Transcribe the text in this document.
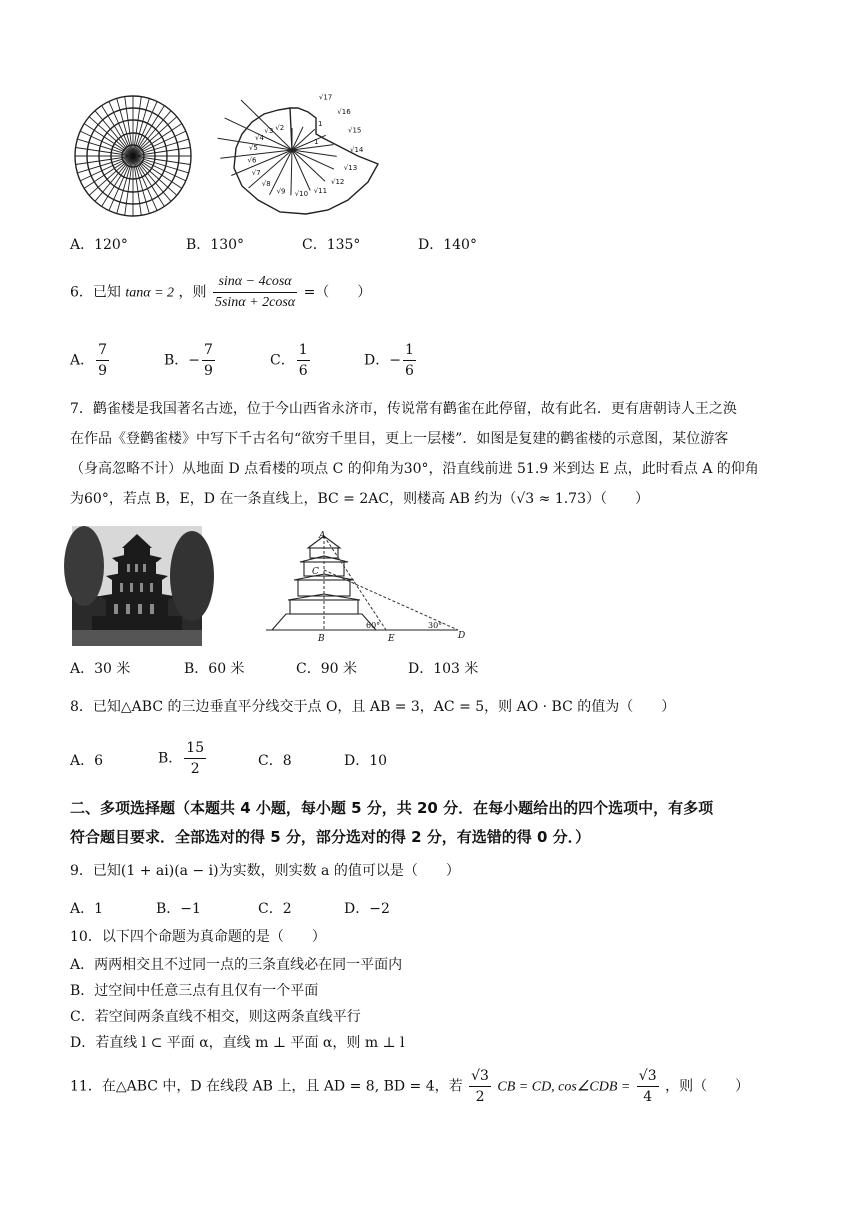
√2
√3
√4
√5
√6
√7
√8
√9 √10 √11
√12
√13
√14
√15
√16
√17
1
1
A．120°	B．130°	C．135°	D．140°
6．已知 tanα = 2 ，则 $\frac{\sin\alpha - 4\cos\alpha}{5\sin\alpha + 2\cos\alpha}$ =（　　）
A． $\frac{7}{9}$	B．− $\frac{7}{9}$	C． $\frac{1}{6}$	D．− $\frac{1}{6}$
7．鹳雀楼是我国著名古迹，位于今山西省永济市，传说常有鹳雀在此停留，故有此名．更有唐朝诗人王之涣
在作品《登鹳雀楼》中写下千古名句“欲穷千里目，更上一层楼”．如图是复建的鹳雀楼的示意图，某位游客
（身高忽略不计）从地面 D 点看楼的项点 C 的仰角为30°，沿直线前进 51.9 米到达 E 点，此时看点 A 的仰角
为60°，若点 B，E，D 在一条直线上，BC = 2AC，则楼高 AB 约为（√3 ≈ 1.73）（　　）
A
C
B	E	D
60°	30°
A．30 米	B．60 米	C．90 米	D．103 米
8．已知△ABC 的三边垂直平分线交于点 O，且 AB = 3，AC = 5，则 AO · BC 的值为（　　）
A．6	B． $\frac{15}{2}$	C．8	D．10
二、多项选择题（本题共 4 小题，每小题 5 分，共 20 分．在每小题给出的四个选项中，有多项
符合题目要求．全部选对的得 5 分，部分选对的得 2 分，有选错的得 0 分．）
9．已知(1 + ai)(a − i)为实数，则实数 a 的值可以是（　　）
A．1	B．−1	C．2	D．−2
10．以下四个命题为真命题的是（　　）
A．两两相交且不过同一点的三条直线必在同一平面内
B．过空间中任意三点有且仅有一个平面
C．若空间两条直线不相交，则这两条直线平行
D．若直线 l ⊂ 平面 α，直线 m ⊥ 平面 α，则 m ⊥ l
11．在△ABC 中，D 在线段 AB 上，且 AD = 8, BD = 4，若 $\frac{√3}{2}$ CB = CD, cos∠CDB = $\frac{√3}{4}$ ，则（　　）
